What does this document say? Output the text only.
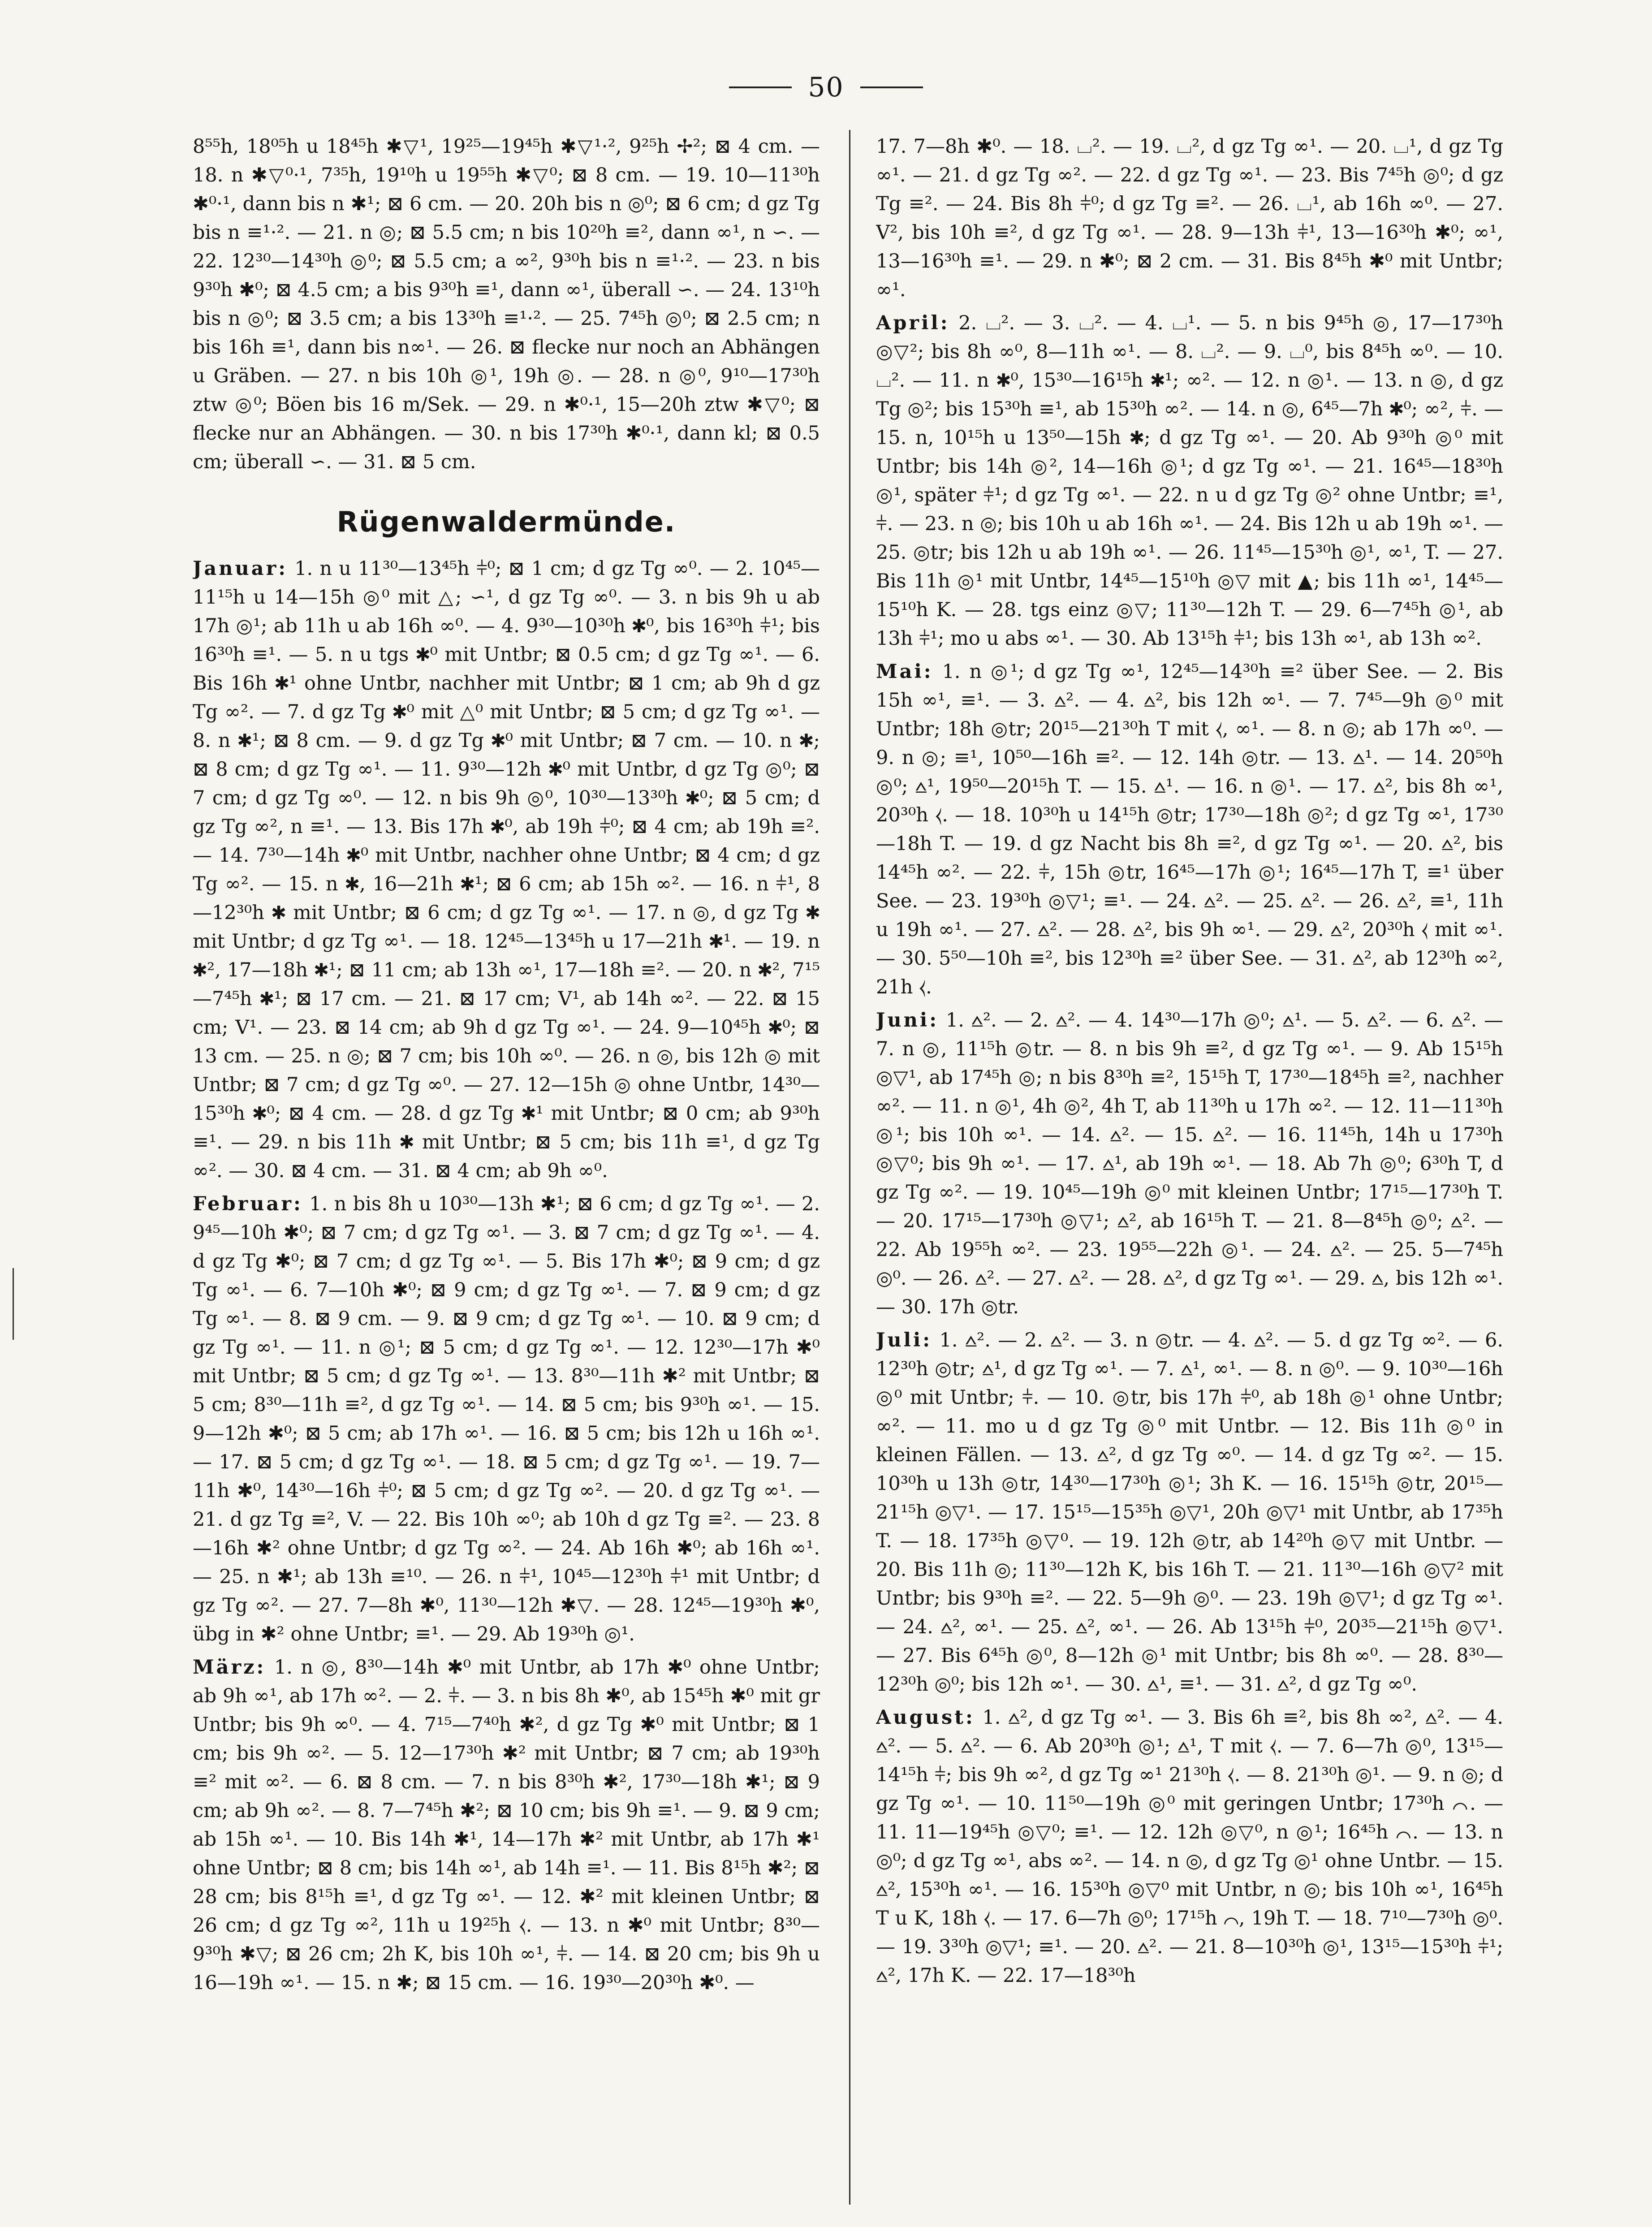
50

8⁵⁵h, 18⁰⁵h u 18⁴⁵h ✱▽¹, 19²⁵—19⁴⁵h ✱▽¹·², 9²⁵h ✢²; ⊠ 4 cm. — 18. n ✱▽⁰·¹, 7³⁵h, 19¹⁰h u 19⁵⁵h ✱▽⁰; ⊠ 8 cm. — 19. 10—11³⁰h ✱⁰·¹, dann bis n ✱¹; ⊠ 6 cm. — 20. 20h bis n ◎⁰; ⊠ 6 cm; d gz Tg bis n ≡¹·². — 21. n ◎; ⊠ 5.5 cm; n bis 10²⁰h ≡², dann ∞¹, n ∽. — 22. 12³⁰—14³⁰h ◎⁰; ⊠ 5.5 cm; a ∞², 9³⁰h bis n ≡¹·². — 23. n bis 9³⁰h ✱⁰; ⊠ 4.5 cm; a bis 9³⁰h ≡¹, dann ∞¹, überall ∽. — 24. 13¹⁰h bis n ◎⁰; ⊠ 3.5 cm; a bis 13³⁰h ≡¹·². — 25. 7⁴⁵h ◎⁰; ⊠ 2.5 cm; n bis 16h ≡¹, dann bis n∞¹. — 26. ⊠ flecke nur noch an Abhängen u Gräben. — 27. n bis 10h ◎¹, 19h ◎. — 28. n ◎⁰, 9¹⁰—17³⁰h ztw ◎⁰; Böen bis 16 m/Sek. — 29. n ✱⁰·¹, 15—20h ztw ✱▽⁰; ⊠ flecke nur an Abhängen. — 30. n bis 17³⁰h ✱⁰·¹, dann kl; ⊠ 0.5 cm; überall ∽. — 31. ⊠ 5 cm.

Rügenwaldermünde.

Januar: 1. n u 11³⁰—13⁴⁵h ⫩⁰; ⊠ 1 cm; d gz Tg ∞⁰. — 2. 10⁴⁵—11¹⁵h u 14—15h ◎⁰ mit △; ∽¹, d gz Tg ∞⁰. — 3. n bis 9h u ab 17h ◎¹; ab 11h u ab 16h ∞⁰. — 4. 9³⁰—10³⁰h ✱⁰, bis 16³⁰h ⫩¹; bis 16³⁰h ≡¹. — 5. n u tgs ✱⁰ mit Untbr; ⊠ 0.5 cm; d gz Tg ∞¹. — 6. Bis 16h ✱¹ ohne Untbr, nachher mit Untbr; ⊠ 1 cm; ab 9h d gz Tg ∞². — 7. d gz Tg ✱⁰ mit △⁰ mit Untbr; ⊠ 5 cm; d gz Tg ∞¹. — 8. n ✱¹; ⊠ 8 cm. — 9. d gz Tg ✱⁰ mit Untbr; ⊠ 7 cm. — 10. n ✱; ⊠ 8 cm; d gz Tg ∞¹. — 11. 9³⁰—12h ✱⁰ mit Untbr, d gz Tg ◎⁰; ⊠ 7 cm; d gz Tg ∞⁰. — 12. n bis 9h ◎⁰, 10³⁰—13³⁰h ✱⁰; ⊠ 5 cm; d gz Tg ∞², n ≡¹. — 13. Bis 17h ✱⁰, ab 19h ⫩⁰; ⊠ 4 cm; ab 19h ≡². — 14. 7³⁰—14h ✱⁰ mit Untbr, nachher ohne Untbr; ⊠ 4 cm; d gz Tg ∞². — 15. n ✱, 16—21h ✱¹; ⊠ 6 cm; ab 15h ∞². — 16. n ⫩¹, 8—12³⁰h ✱ mit Untbr; ⊠ 6 cm; d gz Tg ∞¹. — 17. n ◎, d gz Tg ✱ mit Untbr; d gz Tg ∞¹. — 18. 12⁴⁵—13⁴⁵h u 17—21h ✱¹. — 19. n ✱², 17—18h ✱¹; ⊠ 11 cm; ab 13h ∞¹, 17—18h ≡². — 20. n ✱², 7¹⁵—7⁴⁵h ✱¹; ⊠ 17 cm. — 21. ⊠ 17 cm; V¹, ab 14h ∞². — 22. ⊠ 15 cm; V¹. — 23. ⊠ 14 cm; ab 9h d gz Tg ∞¹. — 24. 9—10⁴⁵h ✱⁰; ⊠ 13 cm. — 25. n ◎; ⊠ 7 cm; bis 10h ∞⁰. — 26. n ◎, bis 12h ◎ mit Untbr; ⊠ 7 cm; d gz Tg ∞⁰. — 27. 12—15h ◎ ohne Untbr, 14³⁰—15³⁰h ✱⁰; ⊠ 4 cm. — 28. d gz Tg ✱¹ mit Untbr; ⊠ 0 cm; ab 9³⁰h ≡¹. — 29. n bis 11h ✱ mit Untbr; ⊠ 5 cm; bis 11h ≡¹, d gz Tg ∞². — 30. ⊠ 4 cm. — 31. ⊠ 4 cm; ab 9h ∞⁰.

Februar: 1. n bis 8h u 10³⁰—13h ✱¹; ⊠ 6 cm; d gz Tg ∞¹. — 2. 9⁴⁵—10h ✱⁰; ⊠ 7 cm; d gz Tg ∞¹. — 3. ⊠ 7 cm; d gz Tg ∞¹. — 4. d gz Tg ✱⁰; ⊠ 7 cm; d gz Tg ∞¹. — 5. Bis 17h ✱⁰; ⊠ 9 cm; d gz Tg ∞¹. — 6. 7—10h ✱⁰; ⊠ 9 cm; d gz Tg ∞¹. — 7. ⊠ 9 cm; d gz Tg ∞¹. — 8. ⊠ 9 cm. — 9. ⊠ 9 cm; d gz Tg ∞¹. — 10. ⊠ 9 cm; d gz Tg ∞¹. — 11. n ◎¹; ⊠ 5 cm; d gz Tg ∞¹. — 12. 12³⁰—17h ✱⁰ mit Untbr; ⊠ 5 cm; d gz Tg ∞¹. — 13. 8³⁰—11h ✱² mit Untbr; ⊠ 5 cm; 8³⁰—11h ≡², d gz Tg ∞¹. — 14. ⊠ 5 cm; bis 9³⁰h ∞¹. — 15. 9—12h ✱⁰; ⊠ 5 cm; ab 17h ∞¹. — 16. ⊠ 5 cm; bis 12h u 16h ∞¹. — 17. ⊠ 5 cm; d gz Tg ∞¹. — 18. ⊠ 5 cm; d gz Tg ∞¹. — 19. 7—11h ✱⁰, 14³⁰—16h ⫩⁰; ⊠ 5 cm; d gz Tg ∞². — 20. d gz Tg ∞¹. — 21. d gz Tg ≡², V. — 22. Bis 10h ∞⁰; ab 10h d gz Tg ≡². — 23. 8—16h ✱² ohne Untbr; d gz Tg ∞². — 24. Ab 16h ✱⁰; ab 16h ∞¹. — 25. n ✱¹; ab 13h ≡¹⁰. — 26. n ⫩¹, 10⁴⁵—12³⁰h ⫩¹ mit Untbr; d gz Tg ∞². — 27. 7—8h ✱⁰, 11³⁰—12h ✱▽. — 28. 12⁴⁵—19³⁰h ✱⁰, übg in ✱² ohne Untbr; ≡¹. — 29. Ab 19³⁰h ◎¹.

März: 1. n ◎, 8³⁰—14h ✱⁰ mit Untbr, ab 17h ✱⁰ ohne Untbr; ab 9h ∞¹, ab 17h ∞². — 2. ⫩. — 3. n bis 8h ✱⁰, ab 15⁴⁵h ✱⁰ mit gr Untbr; bis 9h ∞⁰. — 4. 7¹⁵—7⁴⁰h ✱², d gz Tg ✱⁰ mit Untbr; ⊠ 1 cm; bis 9h ∞². — 5. 12—17³⁰h ✱² mit Untbr; ⊠ 7 cm; ab 19³⁰h ≡² mit ∞². — 6. ⊠ 8 cm. — 7. n bis 8³⁰h ✱², 17³⁰—18h ✱¹; ⊠ 9 cm; ab 9h ∞². — 8. 7—7⁴⁵h ✱²; ⊠ 10 cm; bis 9h ≡¹. — 9. ⊠ 9 cm; ab 15h ∞¹. — 10. Bis 14h ✱¹, 14—17h ✱² mit Untbr, ab 17h ✱¹ ohne Untbr; ⊠ 8 cm; bis 14h ∞¹, ab 14h ≡¹. — 11. Bis 8¹⁵h ✱²; ⊠ 28 cm; bis 8¹⁵h ≡¹, d gz Tg ∞¹. — 12. ✱² mit kleinen Untbr; ⊠ 26 cm; d gz Tg ∞², 11h u 19²⁵h ⧼. — 13. n ✱⁰ mit Untbr; 8³⁰—9³⁰h ✱▽; ⊠ 26 cm; 2h K, bis 10h ∞¹, ⫩. — 14. ⊠ 20 cm; bis 9h u 16—19h ∞¹. — 15. n ✱; ⊠ 15 cm. — 16. 19³⁰—20³⁰h ✱⁰. —

17. 7—8h ✱⁰. — 18. ⌴². — 19. ⌴², d gz Tg ∞¹. — 20. ⌴¹, d gz Tg ∞¹. — 21. d gz Tg ∞². — 22. d gz Tg ∞¹. — 23. Bis 7⁴⁵h ◎⁰; d gz Tg ≡². — 24. Bis 8h ⫩⁰; d gz Tg ≡². — 26. ⌴¹, ab 16h ∞⁰. — 27. V², bis 10h ≡², d gz Tg ∞¹. — 28. 9—13h ⫩¹, 13—16³⁰h ✱⁰; ∞¹, 13—16³⁰h ≡¹. — 29. n ✱⁰; ⊠ 2 cm. — 31. Bis 8⁴⁵h ✱⁰ mit Untbr; ∞¹.

April: 2. ⌴². — 3. ⌴². — 4. ⌴¹. — 5. n bis 9⁴⁵h ◎, 17—17³⁰h ◎▽²; bis 8h ∞⁰, 8—11h ∞¹. — 8. ⌴². — 9. ⌴⁰, bis 8⁴⁵h ∞⁰. — 10. ⌴². — 11. n ✱⁰, 15³⁰—16¹⁵h ✱¹; ∞². — 12. n ◎¹. — 13. n ◎, d gz Tg ◎²; bis 15³⁰h ≡¹, ab 15³⁰h ∞². — 14. n ◎, 6⁴⁵—7h ✱⁰; ∞², ⫩. — 15. n, 10¹⁵h u 13⁵⁰—15h ✱; d gz Tg ∞¹. — 20. Ab 9³⁰h ◎⁰ mit Untbr; bis 14h ◎², 14—16h ◎¹; d gz Tg ∞¹. — 21. 16⁴⁵—18³⁰h ◎¹, später ⫩¹; d gz Tg ∞¹. — 22. n u d gz Tg ◎² ohne Untbr; ≡¹, ⫩. — 23. n ◎; bis 10h u ab 16h ∞¹. — 24. Bis 12h u ab 19h ∞¹. — 25. ◎tr; bis 12h u ab 19h ∞¹. — 26. 11⁴⁵—15³⁰h ◎¹, ∞¹, T. — 27. Bis 11h ◎¹ mit Untbr, 14⁴⁵—15¹⁰h ◎▽ mit ▲; bis 11h ∞¹, 14⁴⁵—15¹⁰h K. — 28. tgs einz ◎▽; 11³⁰—12h T. — 29. 6—7⁴⁵h ◎¹, ab 13h ⫩¹; mo u abs ∞¹. — 30. Ab 13¹⁵h ⫩¹; bis 13h ∞¹, ab 13h ∞².

Mai: 1. n ◎¹; d gz Tg ∞¹, 12⁴⁵—14³⁰h ≡² über See. — 2. Bis 15h ∞¹, ≡¹. — 3. ⩟². — 4. ⩟², bis 12h ∞¹. — 7. 7⁴⁵—9h ◎⁰ mit Untbr; 18h ◎tr; 20¹⁵—21³⁰h T mit ⧼, ∞¹. — 8. n ◎; ab 17h ∞⁰. — 9. n ◎; ≡¹, 10⁵⁰—16h ≡². — 12. 14h ◎tr. — 13. ⩟¹. — 14. 20⁵⁰h ◎⁰; ⩟¹, 19⁵⁰—20¹⁵h T. — 15. ⩟¹. — 16. n ◎¹. — 17. ⩟², bis 8h ∞¹, 20³⁰h ⧼. — 18. 10³⁰h u 14¹⁵h ◎tr; 17³⁰—18h ◎²; d gz Tg ∞¹, 17³⁰—18h T. — 19. d gz Nacht bis 8h ≡², d gz Tg ∞¹. — 20. ⩟², bis 14⁴⁵h ∞². — 22. ⫩, 15h ◎tr, 16⁴⁵—17h ◎¹; 16⁴⁵—17h T, ≡¹ über See. — 23. 19³⁰h ◎▽¹; ≡¹. — 24. ⩟². — 25. ⩟². — 26. ⩟², ≡¹, 11h u 19h ∞¹. — 27. ⩟². — 28. ⩟², bis 9h ∞¹. — 29. ⩟², 20³⁰h ⧼ mit ∞¹. — 30. 5⁵⁰—10h ≡², bis 12³⁰h ≡² über See. — 31. ⩟², ab 12³⁰h ∞², 21h ⧼.

Juni: 1. ⩟². — 2. ⩟². — 4. 14³⁰—17h ◎⁰; ⩟¹. — 5. ⩟². — 6. ⩟². — 7. n ◎, 11¹⁵h ◎tr. — 8. n bis 9h ≡², d gz Tg ∞¹. — 9. Ab 15¹⁵h ◎▽¹, ab 17⁴⁵h ◎; n bis 8³⁰h ≡², 15¹⁵h T, 17³⁰—18⁴⁵h ≡², nachher ∞². — 11. n ◎¹, 4h ◎², 4h T, ab 11³⁰h u 17h ∞². — 12. 11—11³⁰h ◎¹; bis 10h ∞¹. — 14. ⩟². — 15. ⩟². — 16. 11⁴⁵h, 14h u 17³⁰h ◎▽⁰; bis 9h ∞¹. — 17. ⩟¹, ab 19h ∞¹. — 18. Ab 7h ◎⁰; 6³⁰h T, d gz Tg ∞². — 19. 10⁴⁵—19h ◎⁰ mit kleinen Untbr; 17¹⁵—17³⁰h T. — 20. 17¹⁵—17³⁰h ◎▽¹; ⩟², ab 16¹⁵h T. — 21. 8—8⁴⁵h ◎⁰; ⩟². — 22. Ab 19⁵⁵h ∞². — 23. 19⁵⁵—22h ◎¹. — 24. ⩟². — 25. 5—7⁴⁵h ◎⁰. — 26. ⩟². — 27. ⩟². — 28. ⩟², d gz Tg ∞¹. — 29. ⩟, bis 12h ∞¹. — 30. 17h ◎tr.

Juli: 1. ⩟². — 2. ⩟². — 3. n ◎tr. — 4. ⩟². — 5. d gz Tg ∞². — 6. 12³⁰h ◎tr; ⩟¹, d gz Tg ∞¹. — 7. ⩟¹, ∞¹. — 8. n ◎⁰. — 9. 10³⁰—16h ◎⁰ mit Untbr; ⫩. — 10. ◎tr, bis 17h ⫩⁰, ab 18h ◎¹ ohne Untbr; ∞². — 11. mo u d gz Tg ◎⁰ mit Untbr. — 12. Bis 11h ◎⁰ in kleinen Fällen. — 13. ⩟², d gz Tg ∞⁰. — 14. d gz Tg ∞². — 15. 10³⁰h u 13h ◎tr, 14³⁰—17³⁰h ◎¹; 3h K. — 16. 15¹⁵h ◎tr, 20¹⁵—21¹⁵h ◎▽¹. — 17. 15¹⁵—15³⁵h ◎▽¹, 20h ◎▽¹ mit Untbr, ab 17³⁵h T. — 18. 17³⁵h ◎▽⁰. — 19. 12h ◎tr, ab 14²⁰h ◎▽ mit Untbr. — 20. Bis 11h ◎; 11³⁰—12h K, bis 16h T. — 21. 11³⁰—16h ◎▽² mit Untbr; bis 9³⁰h ≡². — 22. 5—9h ◎⁰. — 23. 19h ◎▽¹; d gz Tg ∞¹. — 24. ⩟², ∞¹. — 25. ⩟², ∞¹. — 26. Ab 13¹⁵h ⫩⁰, 20³⁵—21¹⁵h ◎▽¹. — 27. Bis 6⁴⁵h ◎⁰, 8—12h ◎¹ mit Untbr; bis 8h ∞⁰. — 28. 8³⁰—12³⁰h ◎⁰; bis 12h ∞¹. — 30. ⩟¹, ≡¹. — 31. ⩟², d gz Tg ∞⁰.

August: 1. ⩟², d gz Tg ∞¹. — 3. Bis 6h ≡², bis 8h ∞², ⩟². — 4. ⩟². — 5. ⩟². — 6. Ab 20³⁰h ◎¹; ⩟¹, T mit ⧼. — 7. 6—7h ◎⁰, 13¹⁵—14¹⁵h ⫩; bis 9h ∞², d gz Tg ∞¹ 21³⁰h ⧼. — 8. 21³⁰h ◎¹. — 9. n ◎; d gz Tg ∞¹. — 10. 11⁵⁰—19h ◎⁰ mit geringen Untbr; 17³⁰h ⌒. — 11. 11—19⁴⁵h ◎▽⁰; ≡¹. — 12. 12h ◎▽⁰, n ◎¹; 16⁴⁵h ⌒. — 13. n ◎⁰; d gz Tg ∞¹, abs ∞². — 14. n ◎, d gz Tg ◎¹ ohne Untbr. — 15. ⩟², 15³⁰h ∞¹. — 16. 15³⁰h ◎▽⁰ mit Untbr, n ◎; bis 10h ∞¹, 16⁴⁵h T u K, 18h ⧼. — 17. 6—7h ◎⁰; 17¹⁵h ⌒, 19h T. — 18. 7¹⁰—7³⁰h ◎⁰. — 19. 3³⁰h ◎▽¹; ≡¹. — 20. ⩟². — 21. 8—10³⁰h ◎¹, 13¹⁵—15³⁰h ⫩¹; ⩟², 17h K. — 22. 17—18³⁰h
